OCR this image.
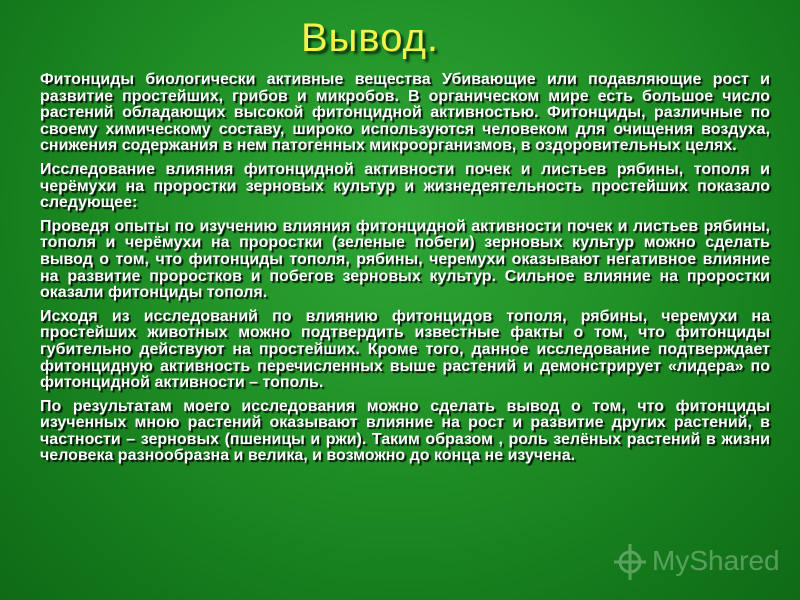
Вывод.

Фитонциды биологически активные вещества Убивающие или подавляющие рост и развитие простейших, грибов и микробов. В органическом мире есть большое число растений обладающих высокой фитонцидной активностью. Фитонциды, различные по своему химическому составу, широко используются человеком для очищения воздуха, снижения содержания в нем патогенных микроорганизмов, в оздоровительных целях.

Исследование влияния фитонцидной активности почек и листьев рябины, тополя и черёмухи на проростки зерновых культур и жизнедеятельность простейших показало следующее:

Проведя опыты по изучению влияния фитонцидной активности почек и листьев рябины, тополя и черёмухи на проростки (зеленые побеги) зерновых культур можно сделать вывод о том, что фитонциды тополя, рябины, черемухи оказывают негативное влияние на развитие проростков и побегов зерновых культур. Сильное влияние на проростки оказали фитонциды тополя.

Исходя из исследований по влиянию фитонцидов тополя, рябины, черемухи на простейших животных можно подтвердить известные факты о том, что фитонциды губительно действуют на простейших. Кроме того, данное исследование подтверждает фитонцидную активность перечисленных выше растений и демонстрирует «лидера» по фитонцидной активности – тополь.

По результатам моего исследования можно сделать вывод о том, что фитонциды изученных мною растений оказывают влияние на рост и развитие других растений, в частности – зерновых (пшеницы и ржи). Таким образом , роль зелёных растений в жизни человека разнообразна и велика, и возможно до конца не изучена.

MyShared
